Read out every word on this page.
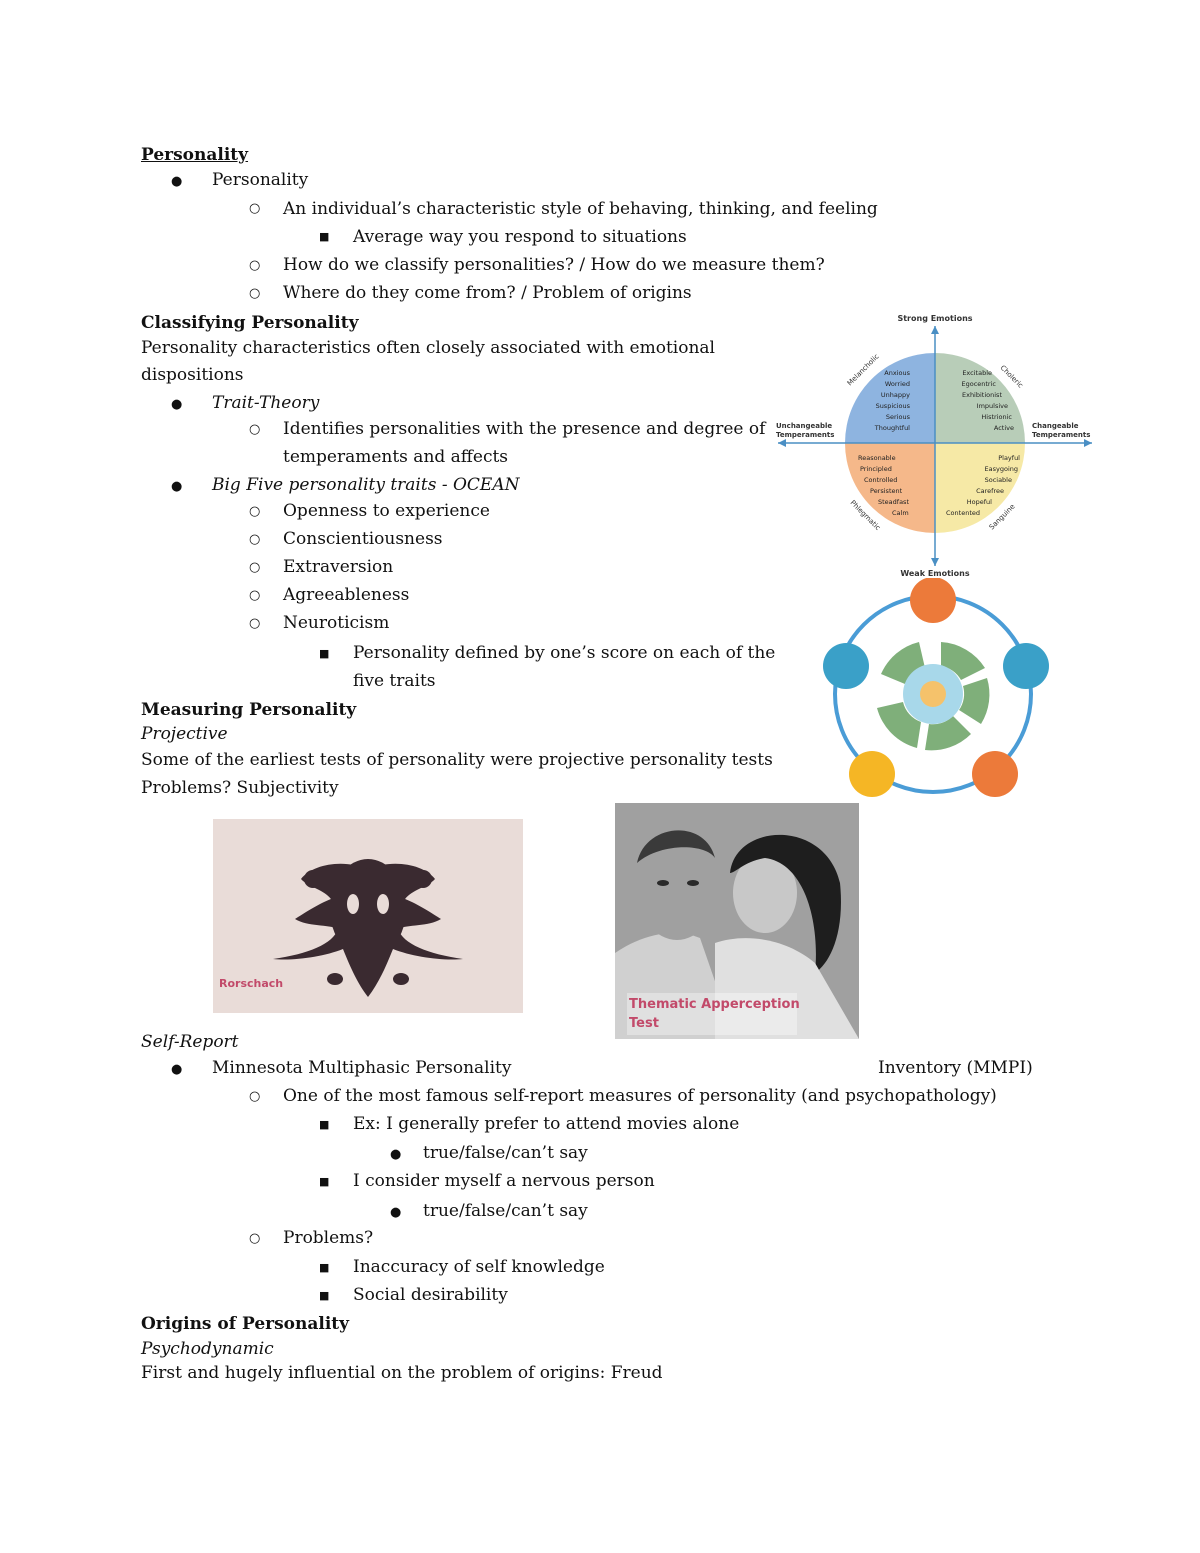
Personality
● Personality
○ An individual’s characteristic style of behaving, thinking, and feeling
■ Average way you respond to situations
○ How do we classify personalities? / How do we measure them?
○ Where do they come from? / Problem of origins
Classifying Personality
Personality characteristics often closely associated with emotional
dispositions
● Trait-Theory
○ Identifies personalities with the presence and degree of
temperaments and affects
● Big Five personality traits - OCEAN
○ Openness to experience
○ Conscientiousness
○ Extraversion
○ Agreeableness
○ Neuroticism
■ Personality defined by one’s score on each of the
five traits
Strong Emotions
Weak Emotions
Unchangeable
Temperaments
Changeable
Temperaments
Melancholic	Choleric
Phlegmatic	Sanguine
Anxious
Worried
Unhappy
Suspicious
Serious
Thoughtful
Excitable
Egocentric
Exhibitionist
Impulsive
Histrionic
Active
Reasonable
Principled
Controlled
Persistent
Steadfast
Calm
Playful
Easygoing
Sociable
Carefree
Hopeful
Contented
Measuring Personality
Projective
Some of the earliest tests of personality were projective personality tests
Problems? Subjectivity
Rorschach
Thematic Apperception
Test
Self-Report
● Minnesota Multiphasic Personality	Inventory (MMPI)
○ One of the most famous self-report measures of personality (and psychopathology)
■ Ex: I generally prefer to attend movies alone
● true/false/can’t say
■ I consider myself a nervous person
● true/false/can’t say
○ Problems?
■ Inaccuracy of self knowledge
■ Social desirability
Origins of Personality
Psychodynamic
First and hugely influential on the problem of origins: Freud
